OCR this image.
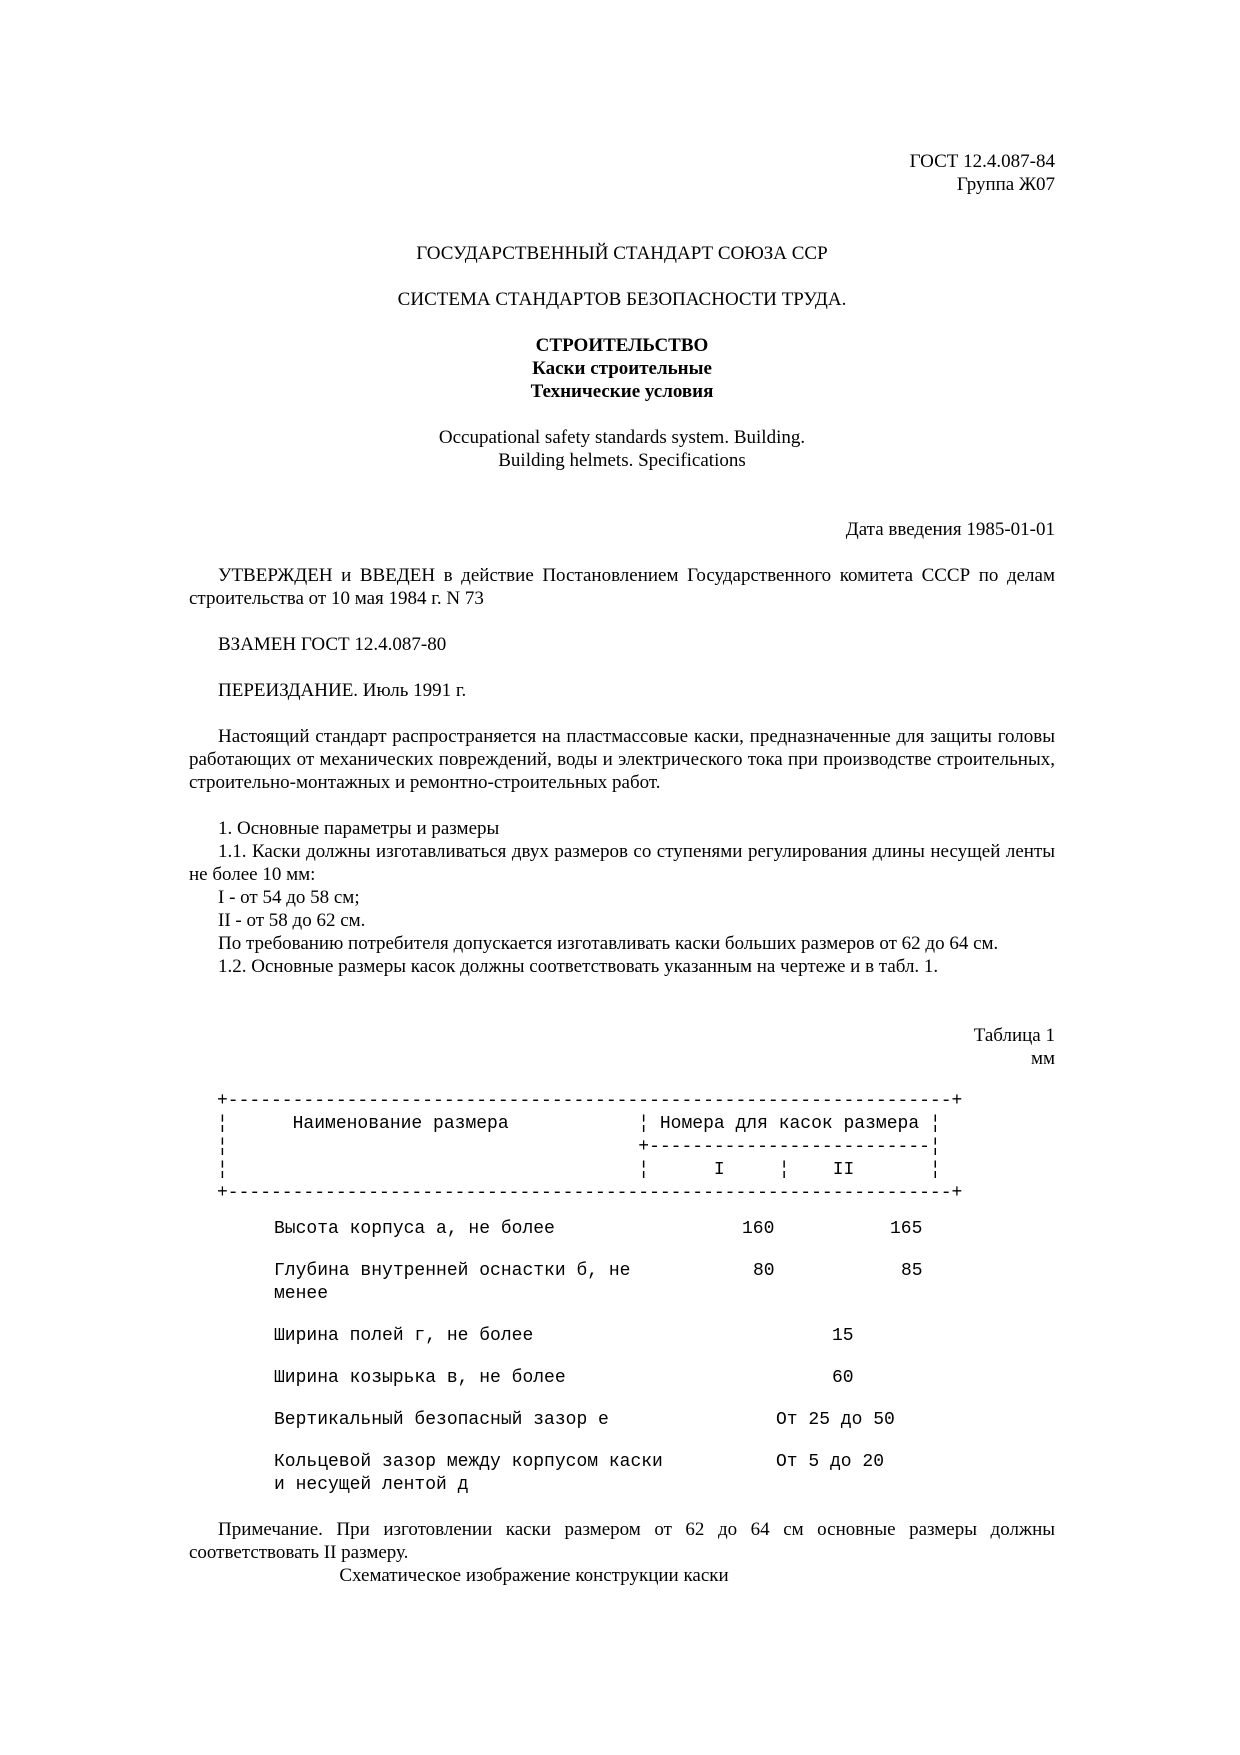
ГОСТ 12.4.087-84
Группа Ж07
ГОСУДАРСТВЕННЫЙ СТАНДАРТ СОЮЗА ССР
СИСТЕМА СТАНДАРТОВ БЕЗОПАСНОСТИ ТРУДА.
СТРОИТЕЛЬСТВО
Каски строительные
Технические условия
Occupational safety standards system. Building.
Building helmets. Specifications
Дата введения 1985-01-01

УТВЕРЖДЕН и ВВЕДЕН в действие Постановлением Государственного комитета СССР по делам строительства от 10 мая 1984 г. N 73

ВЗАМЕН ГОСТ 12.4.087-80

ПЕРЕИЗДАНИЕ. Июль 1991 г.

Настоящий стандарт распространяется на пластмассовые каски, предназначенные для защиты головы работающих от механических повреждений, воды и электрического тока при производстве строительных, строительно-монтажных и ремонтно-строительных работ.

1. Основные параметры и размеры

1.1. Каски должны изготавливаться двух размеров со ступенями регулирования длины несущей ленты не более 10 мм:

I - от 54 до 58 см;

II - от 58 до 62 см.

По требованию потребителя допускается изготавливать каски больших размеров от 62 до 64 см.

1.2. Основные размеры касок должны соответствовать указанным на чертеже и в табл. 1.

Таблица 1
мм
+-------------------------------------------------------------------+
¦      Наименование размера            ¦ Номера для касок размера ¦
¦                                      +--------------------------¦
¦                                      ¦      I     ¦    II       ¦
+-------------------------------------------------------------------+
Высота корпуса а, не более	160	165
Глубина внутренней оснастки б, не менее
80	85
Ширина полей г, не более	15
Ширина козырька в, не более	60
Вертикальный безопасный зазор е	От 25 до 50
Кольцевой зазор между корпусом каски и несущей лентой д
От 5 до 20

Примечание. При изготовлении каски размером от 62 до 64 см основные размеры должны соответствовать II размеру.

Схематическое изображение конструкции каски
